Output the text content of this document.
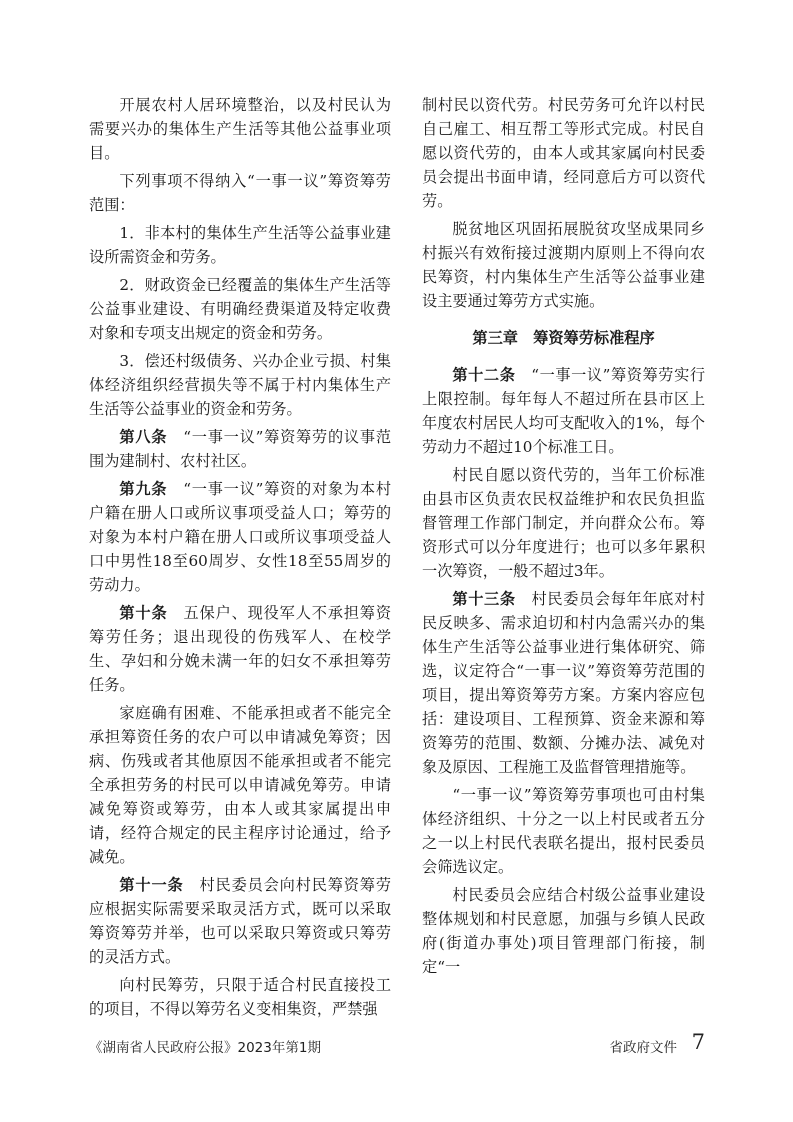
开展农村人居环境整治，以及村民认为需要兴办的集体生产生活等其他公益事业项目。

下列事项不得纳入“一事一议”筹资筹劳范围：

1．非本村的集体生产生活等公益事业建设所需资金和劳务。

2．财政资金已经覆盖的集体生产生活等公益事业建设、有明确经费渠道及特定收费对象和专项支出规定的资金和劳务。

3．偿还村级债务、兴办企业亏损、村集体经济组织经营损失等不属于村内集体生产生活等公益事业的资金和劳务。

第八条　 “一事一议”筹资筹劳的议事范围为建制村、农村社区。

第九条　 “一事一议”筹资的对象为本村户籍在册人口或所议事项受益人口；筹劳的对象为本村户籍在册人口或所议事项受益人口中男性18至60周岁、女性18至55周岁的劳动力。

第十条　 五保户、现役军人不承担筹资筹劳任务；退出现役的伤残军人、在校学生、孕妇和分娩未满一年的妇女不承担筹劳任务。

家庭确有困难、不能承担或者不能完全承担筹资任务的农户可以申请减免筹资；因病、伤残或者其他原因不能承担或者不能完全承担劳务的村民可以申请减免筹劳。申请减免筹资或筹劳，由本人或其家属提出申请，经符合规定的民主程序讨论通过，给予减免。

第十一条　 村民委员会向村民筹资筹劳应根据实际需要采取灵活方式，既可以采取筹资筹劳并举，也可以采取只筹资或只筹劳的灵活方式。

向村民筹劳，只限于适合村民直接投工的项目，不得以筹劳名义变相集资，严禁强

制村民以资代劳。村民劳务可允许以村民自己雇工、相互帮工等形式完成。村民自愿以资代劳的，由本人或其家属向村民委员会提出书面申请，经同意后方可以资代劳。

脱贫地区巩固拓展脱贫攻坚成果同乡村振兴有效衔接过渡期内原则上不得向农民筹资，村内集体生产生活等公益事业建设主要通过筹劳方式实施。

第三章　筹资筹劳标准程序

第十二条　 “一事一议”筹资筹劳实行上限控制。每年每人不超过所在县市区上年度农村居民人均可支配收入的1%，每个劳动力不超过10个标准工日。

村民自愿以资代劳的，当年工价标准由县市区负责农民权益维护和农民负担监督管理工作部门制定，并向群众公布。筹资形式可以分年度进行；也可以多年累积一次筹资，一般不超过3年。

第十三条　 村民委员会每年年底对村民反映多、需求迫切和村内急需兴办的集体生产生活等公益事业进行集体研究、筛选，议定符合“一事一议”筹资筹劳范围的项目，提出筹资筹劳方案。方案内容应包括：建设项目、工程预算、资金来源和筹资筹劳的范围、数额、分摊办法、减免对象及原因、工程施工及监督管理措施等。

“一事一议”筹资筹劳事项也可由村集体经济组织、十分之一以上村民或者五分之一以上村民代表联名提出，报村民委员会筛选议定。

村民委员会应结合村级公益事业建设整体规划和村民意愿，加强与乡镇人民政府(街道办事处)项目管理部门衔接，制定“一

《湖南省人民政府公报》2023年第1期	省政府文件 7
